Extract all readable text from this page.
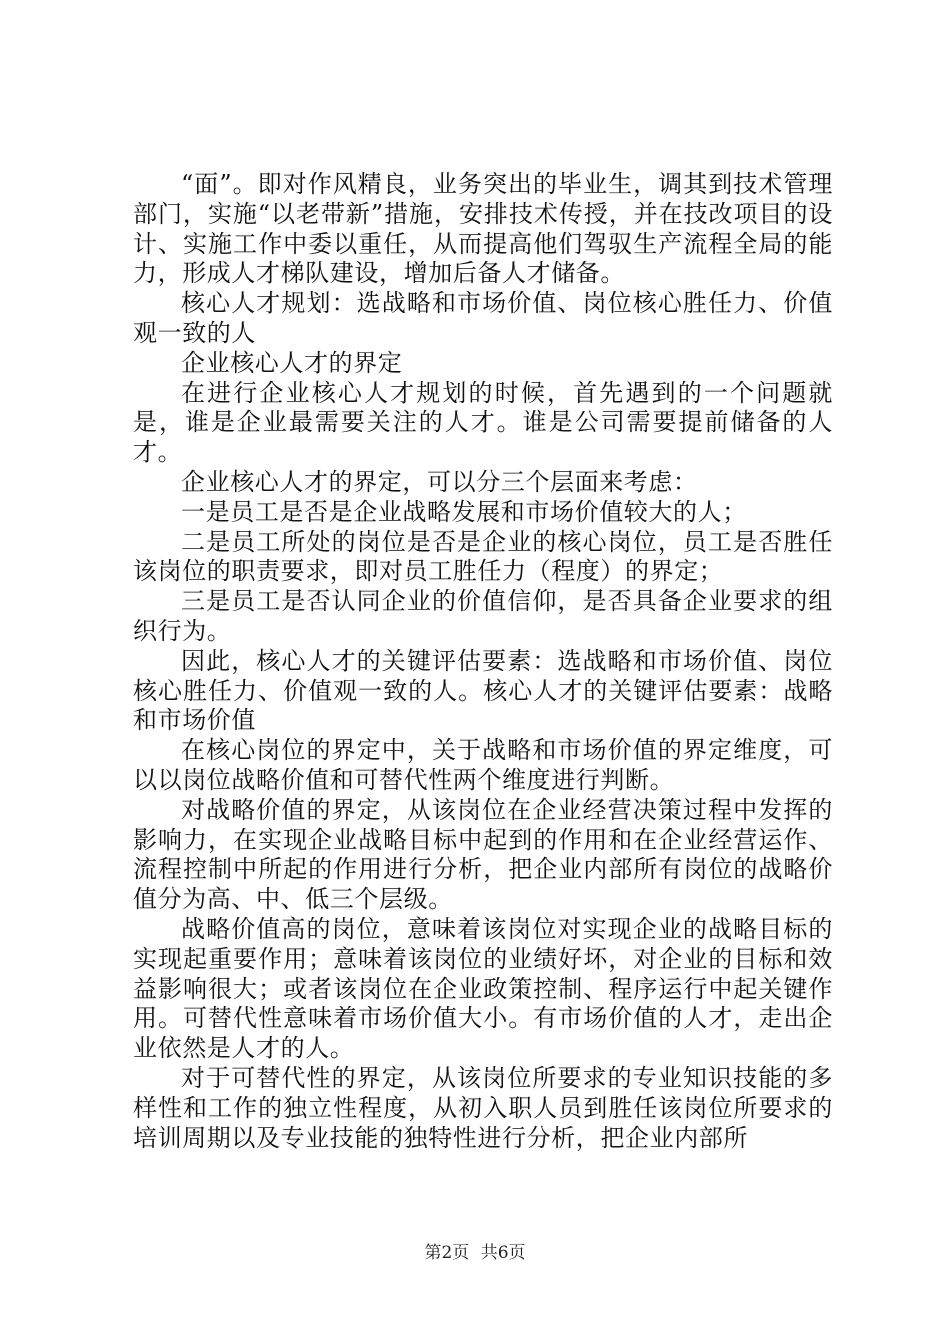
“面”。即对作风精良，业务突出的毕业生，调其到技术管理部门，实施“以老带新”措施，安排技术传授，并在技改项目的设计、实施工作中委以重任，从而提高他们驾驭生产流程全局的能力，形成人才梯队建设，增加后备人才储备。

核心人才规划：选战略和市场价值、岗位核心胜任力、价值观一致的人

企业核心人才的界定

在进行企业核心人才规划的时候，首先遇到的一个问题就是，谁是企业最需要关注的人才。谁是公司需要提前储备的人才。

企业核心人才的界定，可以分三个层面来考虑：

一是员工是否是企业战略发展和市场价值较大的人；

二是员工所处的岗位是否是企业的核心岗位，员工是否胜任该岗位的职责要求，即对员工胜任力（程度）的界定；

三是员工是否认同企业的价值信仰，是否具备企业要求的组织行为。

因此，核心人才的关键评估要素：选战略和市场价值、岗位核心胜任力、价值观一致的人。核心人才的关键评估要素：战略和市场价值

在核心岗位的界定中，关于战略和市场价值的界定维度，可以以岗位战略价值和可替代性两个维度进行判断。

对战略价值的界定，从该岗位在企业经营决策过程中发挥的影响力，在实现企业战略目标中起到的作用和在企业经营运作、流程控制中所起的作用进行分析，把企业内部所有岗位的战略价值分为高、中、低三个层级。

战略价值高的岗位，意味着该岗位对实现企业的战略目标的实现起重要作用；意味着该岗位的业绩好坏，对企业的目标和效益影响很大；或者该岗位在企业政策控制、程序运行中起关键作用。可替代性意味着市场价值大小。有市场价值的人才，走出企业依然是人才的人。

对于可替代性的界定，从该岗位所要求的专业知识技能的多样性和工作的独立性程度，从初入职人员到胜任该岗位所要求的培训周期以及专业技能的独特性进行分析，把企业内部所

第2页 共6页
